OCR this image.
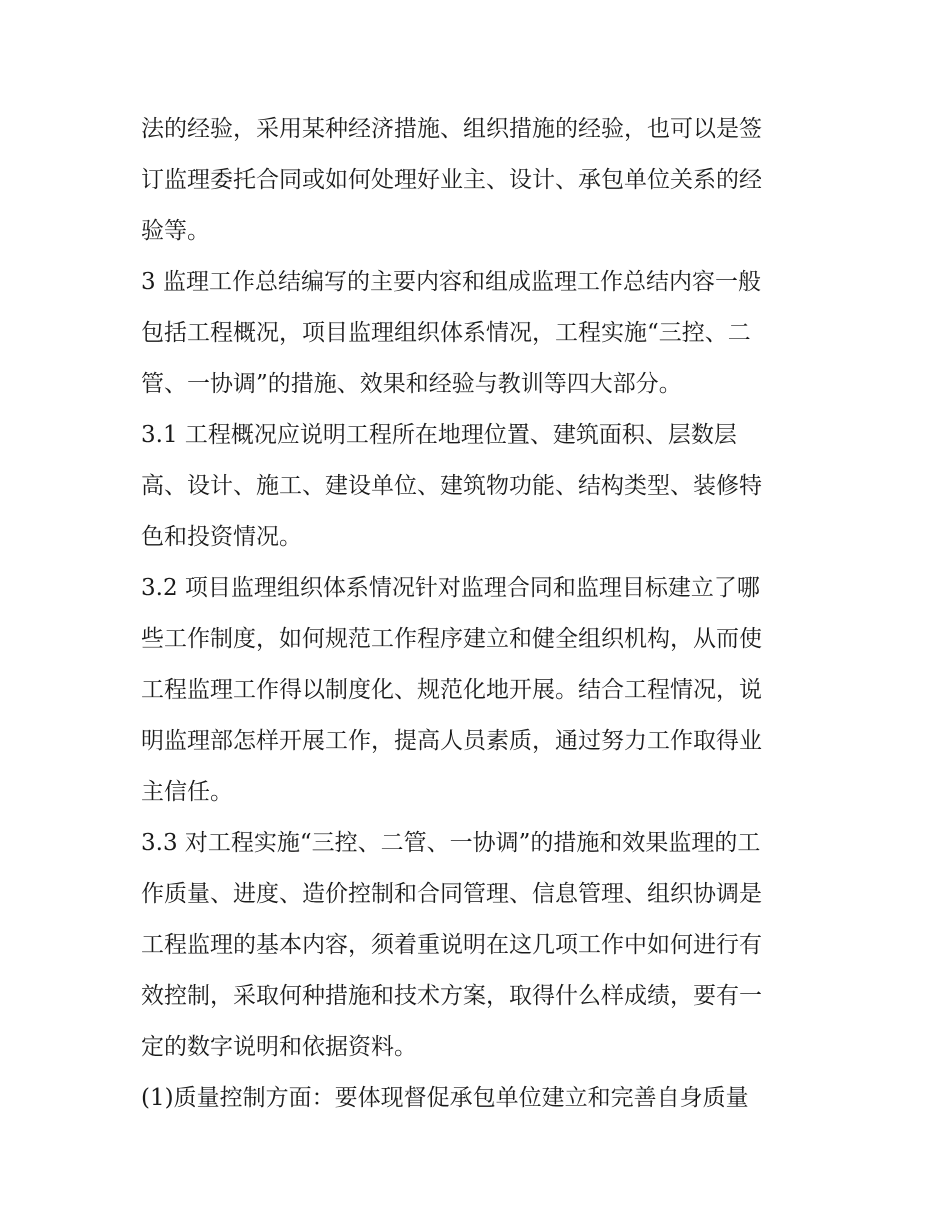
法的经验，采用某种经济措施、组织措施的经验，也可以是签
订监理委托合同或如何处理好业主、设计、承包单位关系的经
验等。
3 监理工作总结编写的主要内容和组成监理工作总结内容一般
包括工程概况，项目监理组织体系情况，工程实施“三控、二
管、一协调”的措施、效果和经验与教训等四大部分。
3.1 工程概况应说明工程所在地理位置、建筑面积、层数层
高、设计、施工、建设单位、建筑物功能、结构类型、装修特
色和投资情况。
3.2 项目监理组织体系情况针对监理合同和监理目标建立了哪
些工作制度，如何规范工作程序建立和健全组织机构，从而使
工程监理工作得以制度化、规范化地开展。结合工程情况，说
明监理部怎样开展工作，提高人员素质，通过努力工作取得业
主信任。
3.3 对工程实施“三控、二管、一协调”的措施和效果监理的工
作质量、进度、造价控制和合同管理、信息管理、组织协调是
工程监理的基本内容，须着重说明在这几项工作中如何进行有
效控制，采取何种措施和技术方案，取得什么样成绩，要有一
定的数字说明和依据资料。
(1)质量控制方面：要体现督促承包单位建立和完善自身质量
